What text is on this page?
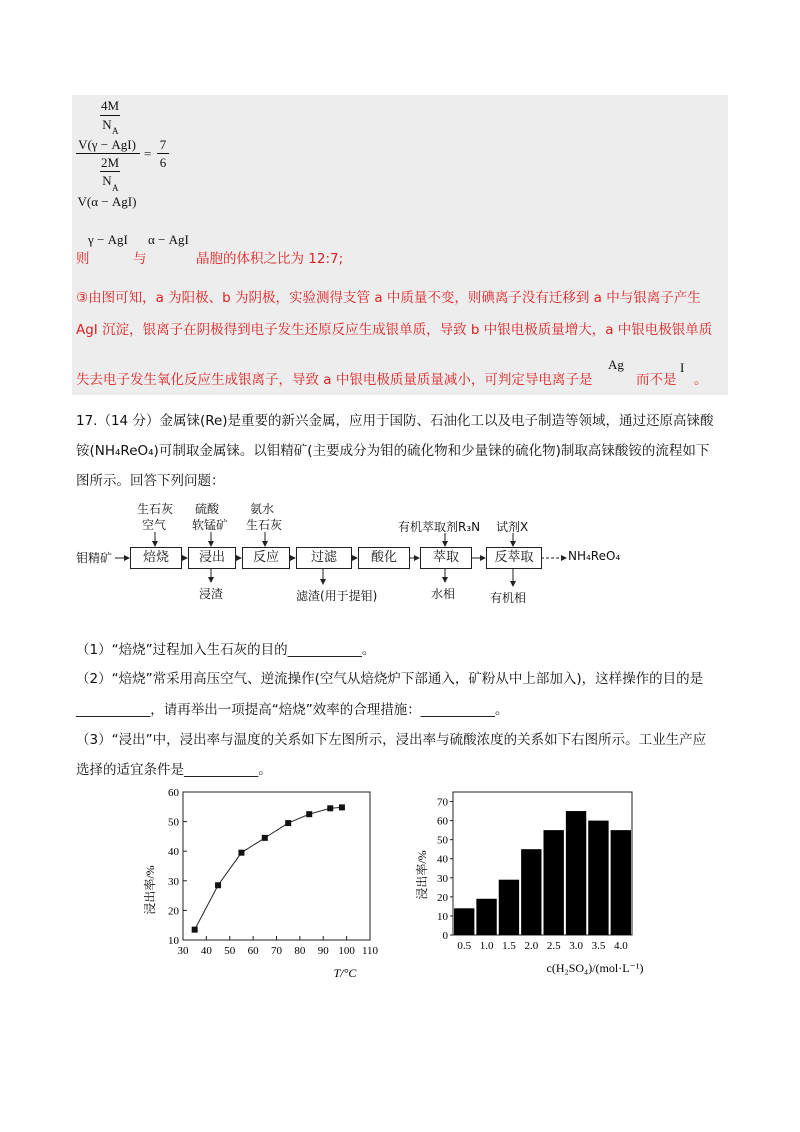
4M
N A
V(γ − AgI)
2M
N A
V(α − AgI)
=
7
6
则
γ − AgI
与
α − AgI
晶胞的体积之比为 12:7;
③由图可知，a 为阳极、b 为阴极，实验测得支管 a 中质量不变，则碘离子没有迁移到 a 中与银离子产生
AgI 沉淀，银离子在阴极得到电子发生还原反应生成银单质，导致 b 中银电极质量增大，a 中银电极银单质
失去电子发生氧化反应生成银离子，导致 a 中银电极质量质量减小，可判定导电离子是
Ag
而不是
I
。
17.（14 分）金属铼(Re)是重要的新兴金属，应用于国防、石油化工以及电子制造等领域，通过还原高铼酸
铵(NH₄ReO₄)可制取金属铼。以钼精矿(主要成分为钼的硫化物和少量铼的硫化物)制取高铼酸铵的流程如下
图所示。回答下列问题：
钼精矿
生石灰
空气
硫酸
软锰矿
氨水
生石灰	有机萃取剂R₃N 试剂X
焙烧	浸出	反应	过滤	酸化	萃取	反萃取	NH₄ReO₄
浸渣	滤渣(用于提钼)	水相	有机相
（1）“焙烧”过程加入生石灰的目的___________。
（2）“焙烧”常采用高压空气、逆流操作(空气从焙烧炉下部通入，矿粉从中上部加入)，这样操作的目的是
___________，请再举出一项提高“焙烧”效率的合理措施：___________。
（3）“浸出”中，浸出率与温度的关系如下左图所示，浸出率与硫酸浓度的关系如下右图所示。工业生产应
选择的适宜条件是___________。
30 40 50 60 70 80 90 100 110
10
20
30
40
50
60
T/°C
浸出率/%
0
10
20
30
40
50
60
70
0.5 1.0 1.5 2.0 2.5 3.0 3.5 4.0
c(H₂SO₄)/(mol·L⁻¹)
浸出率/%
